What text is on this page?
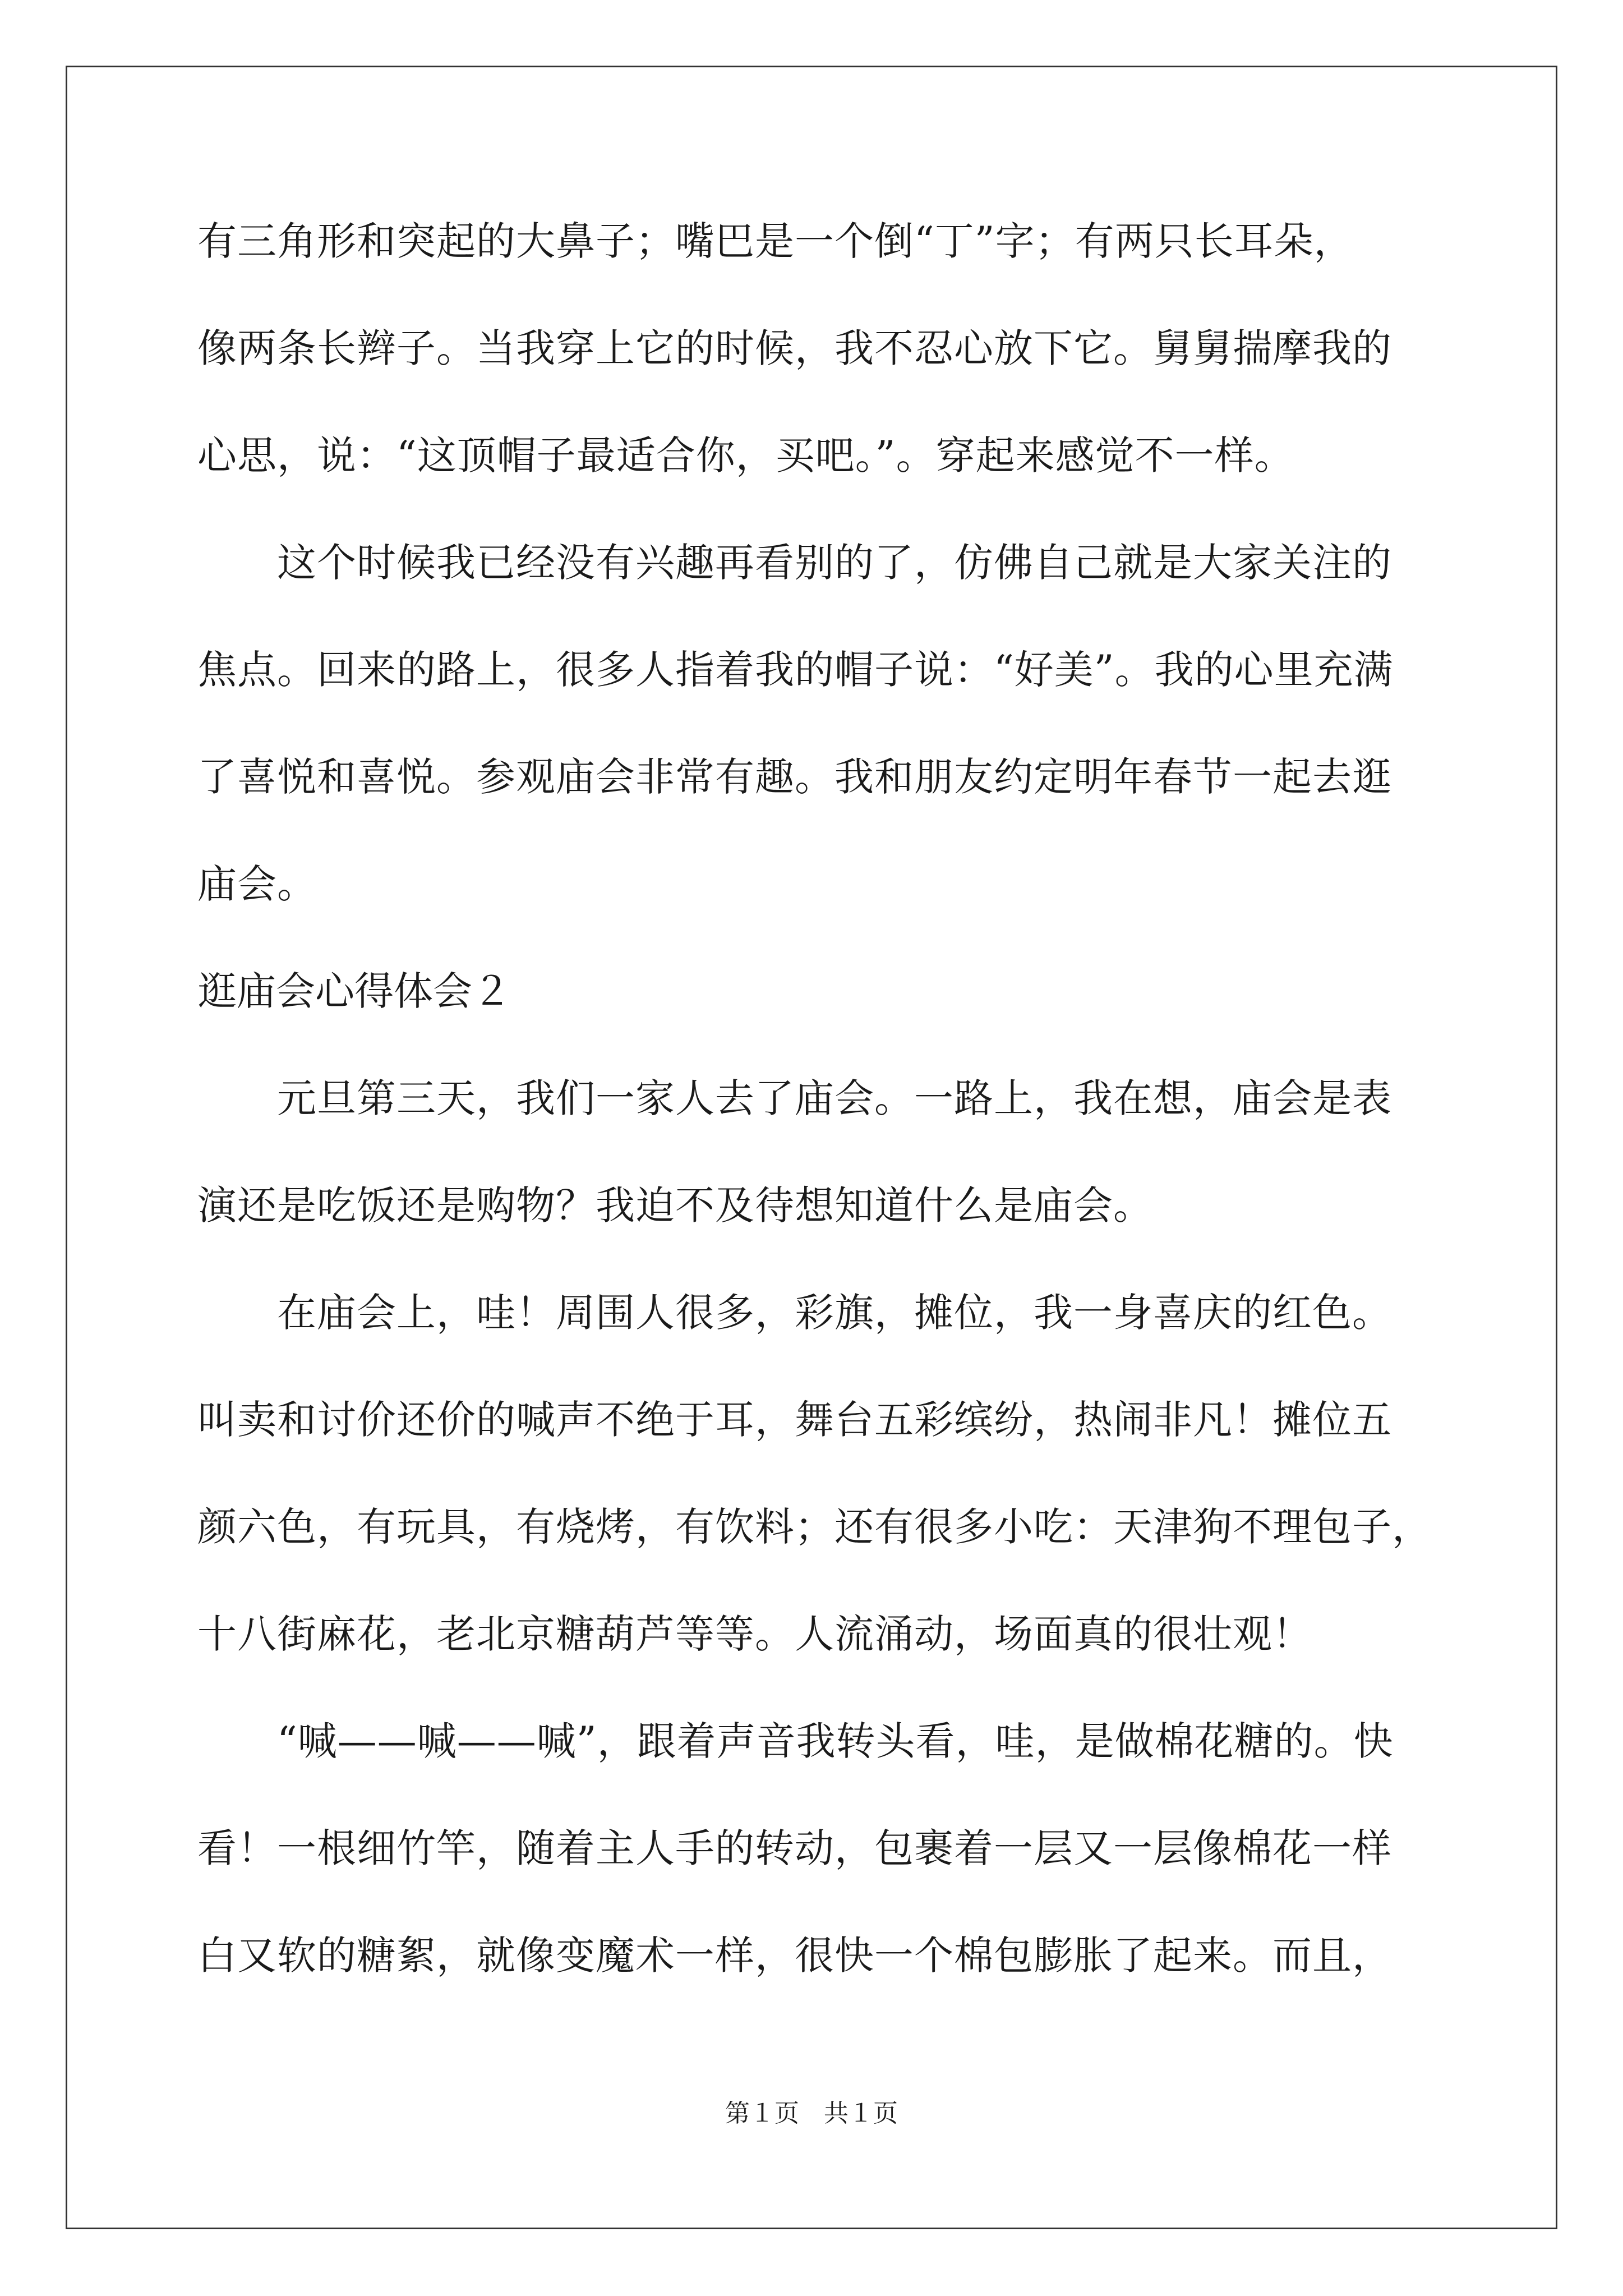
有三角形和突起的大鼻子；嘴巴是一个倒“丁”字；有两只长耳朵，
像两条长辫子。当我穿上它的时候，我不忍心放下它。舅舅揣摩我的
心思，说：“这顶帽子最适合你，买吧。”。穿起来感觉不一样。
　　这个时候我已经没有兴趣再看别的了，仿佛自己就是大家关注的
焦点。回来的路上，很多人指着我的帽子说：“好美”。我的心里充满
了喜悦和喜悦。参观庙会非常有趣。我和朋友约定明年春节一起去逛
庙会。
逛庙会心得体会２
　　元旦第三天，我们一家人去了庙会。一路上，我在想，庙会是表
演还是吃饭还是购物？我迫不及待想知道什么是庙会。
　　在庙会上，哇！周围人很多，彩旗，摊位，我一身喜庆的红色。
叫卖和讨价还价的喊声不绝于耳，舞台五彩缤纷，热闹非凡！摊位五
颜六色，有玩具，有烧烤，有饮料；还有很多小吃：天津狗不理包子，
十八街麻花，老北京糖葫芦等等。人流涌动，场面真的很壮观！
　　“喊——喊——喊”，跟着声音我转头看，哇，是做棉花糖的。快
看！一根细竹竿，随着主人手的转动，包裹着一层又一层像棉花一样
白又软的糖絮，就像变魔术一样，很快一个棉包膨胀了起来。而且，
第１页　共１页
